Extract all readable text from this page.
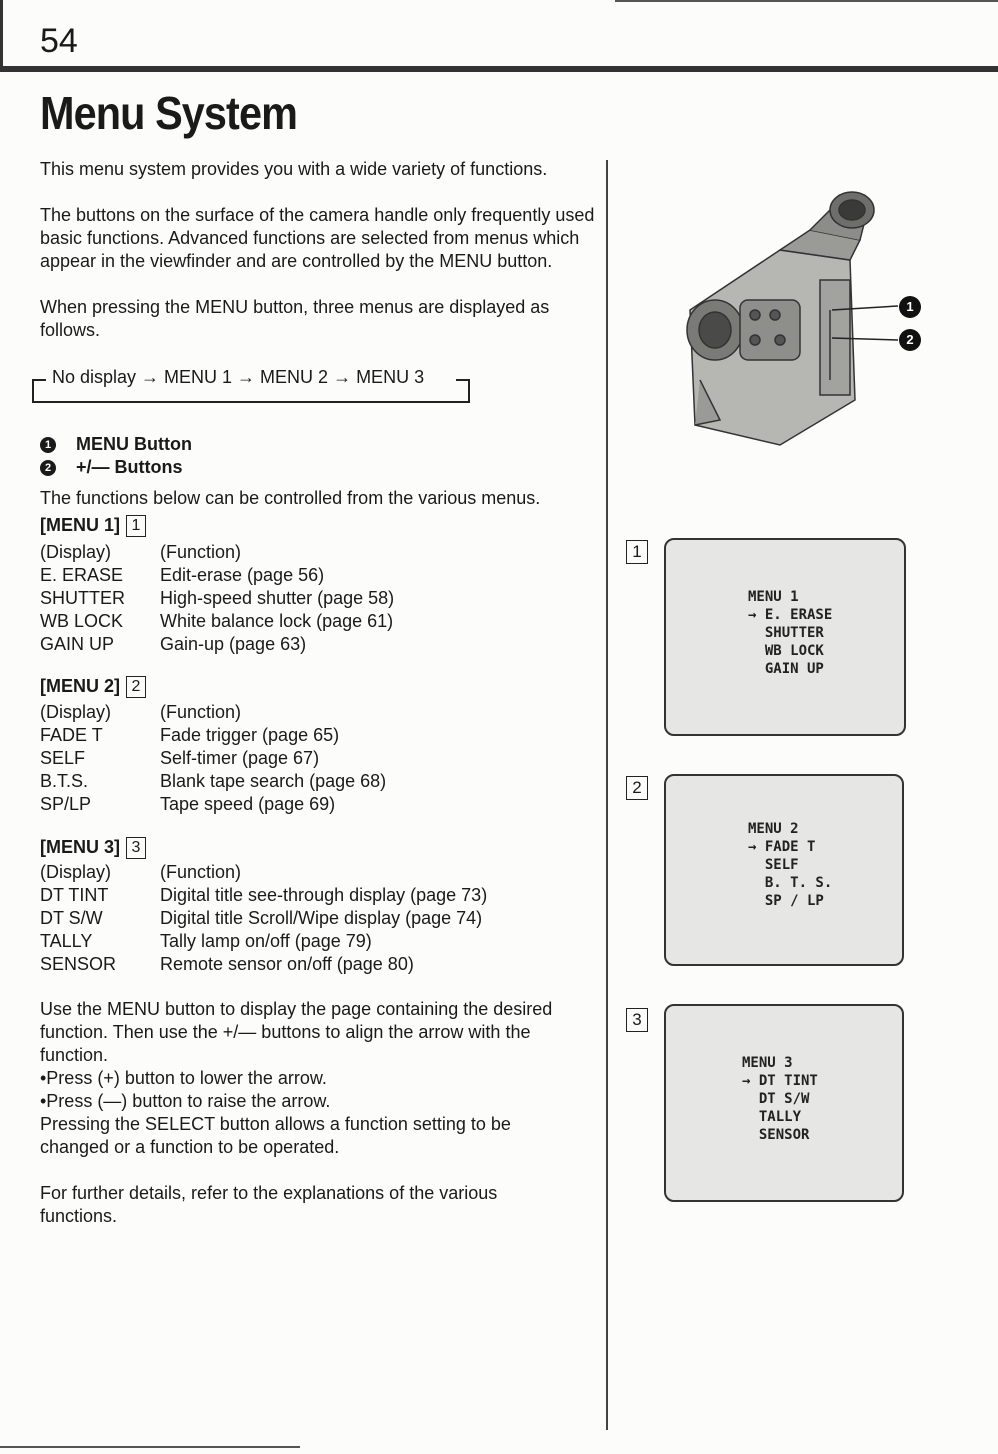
54
Menu System
This menu system provides you with a wide variety of functions.
The buttons on the surface of the camera handle only frequently used basic functions. Advanced functions are selected from menus which appear in the viewfinder and are controlled by the MENU button.
When pressing the MENU button, three menus are displayed as follows.
No display → MENU 1 → MENU 2 → MENU 3
1 MENU Button
2 +/— Buttons
The functions below can be controlled from the various menus.
[MENU 1] 1
(Display)	(Function)
E. ERASE	Edit-erase (page 56)
SHUTTER	High-speed shutter (page 58)
WB LOCK	White balance lock (page 61)
GAIN UP	Gain-up (page 63)
[MENU 2] 2
(Display)	(Function)
FADE T	Fade trigger (page 65)
SELF	Self-timer (page 67)
B.T.S.	Blank tape search (page 68)
SP/LP	Tape speed (page 69)
[MENU 3] 3
(Display)	(Function)
DT TINT	Digital title see-through display (page 73)
DT S/W	Digital title Scroll/Wipe display (page 74)
TALLY	Tally lamp on/off (page 79)
SENSOR	Remote sensor on/off (page 80)
Use the MENU button to display the page containing the desired function. Then use the +/— buttons to align the arrow with the function.
•Press (+) button to lower the arrow.
•Press (—) button to raise the arrow.
Pressing the SELECT button allows a function setting to be changed or a function to be operated.
For further details, refer to the explanations of the various functions.
1
2
1
MENU 1
→ E. ERASE
SHUTTER
WB LOCK
GAIN UP
2
MENU 2
→ FADE T
SELF
B. T. S.
SP / LP
3
MENU 3
→ DT TINT
DT S/W
TALLY
SENSOR
